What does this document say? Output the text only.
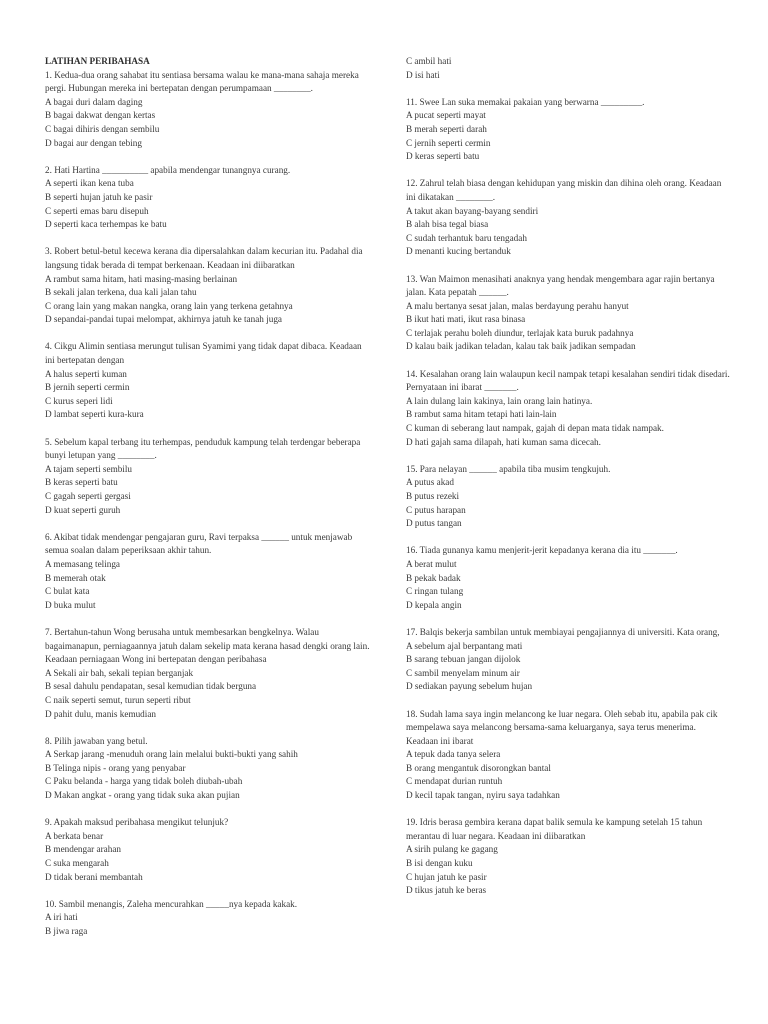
LATIHAN PERIBAHASA
1. Kedua-dua orang sahabat itu sentiasa bersama walau ke mana-mana sahaja mereka pergi. Hubungan mereka ini bertepatan dengan perumpamaan ________.
A bagai duri dalam daging
B bagai dakwat dengan kertas
C bagai dihiris dengan sembilu
D bagai aur dengan tebing
2. Hati Hartina __________ apabila mendengar tunangnya curang.
A seperti ikan kena tuba
B seperti hujan jatuh ke pasir
C seperti emas baru disepuh
D seperti kaca terhempas ke batu
3. Robert betul-betul kecewa kerana dia dipersalahkan dalam kecurian itu. Padahal dia langsung tidak berada di tempat berkenaan. Keadaan ini diibaratkan
A rambut sama hitam, hati masing-masing berlainan
B sekali jalan terkena, dua kali jalan tahu
C orang lain yang makan nangka, orang lain yang terkena getahnya
D sepandai-pandai tupai melompat, akhirnya jatuh ke tanah juga
4. Cikgu Alimin sentiasa merungut tulisan Syamimi yang tidak dapat dibaca. Keadaan ini bertepatan dengan
A halus seperti kuman
B jernih seperti cermin
C kurus seperi lidi
D lambat seperti kura-kura
5. Sebelum kapal terbang itu terhempas, penduduk kampung telah terdengar beberapa bunyi letupan yang ________.
A tajam seperti sembilu
B keras seperti batu
C gagah seperti gergasi
D kuat seperti guruh
6. Akibat tidak mendengar pengajaran guru, Ravi terpaksa ______ untuk menjawab semua soalan dalam peperiksaan akhir tahun.
A memasang telinga
B memerah otak
C bulat kata
D buka mulut
7. Bertahun-tahun Wong berusaha untuk membesarkan bengkelnya. Walau bagaimanapun, perniagaannya jatuh dalam sekelip mata kerana hasad dengki orang lain. Keadaan perniagaan Wong ini bertepatan dengan peribahasa
A Sekali air bah, sekali tepian berganjak
B sesal dahulu pendapatan, sesal kemudian tidak berguna
C naik seperti semut, turun seperti ribut
D pahit dulu, manis kemudian
8. Pilih jawaban yang betul.
A Serkap jarang -menuduh orang lain melalui bukti-bukti yang sahih
B Telinga nipis - orang yang penyabar
C Paku belanda - harga yang tidak boleh diubah-ubah
D Makan angkat - orang yang tidak suka akan pujian
9. Apakah maksud peribahasa mengikut telunjuk?
A berkata benar
B mendengar arahan
C suka mengarah
D tidak berani membantah
10. Sambil menangis, Zaleha mencurahkan _____nya kepada kakak.
A iri hati
B jiwa raga
C ambil hati
D isi hati
11. Swee Lan suka memakai pakaian yang berwarna _________.
A pucat seperti mayat
B merah seperti darah
C jernih seperti cermin
D keras seperti batu
12. Zahrul telah biasa dengan kehidupan yang miskin dan dihina oleh orang. Keadaan ini dikatakan ________.
A takut akan bayang-bayang sendiri
B alah bisa tegal biasa
C sudah terhantuk baru tengadah
D menanti kucing bertanduk
13. Wan Maimon menasihati anaknya yang hendak mengembara agar rajin bertanya jalan. Kata pepatah ______.
A malu bertanya sesat jalan, malas berdayung perahu hanyut
B ikut hati mati, ikut rasa binasa
C terlajak perahu boleh diundur, terlajak kata buruk padahnya
D kalau baik jadikan teladan, kalau tak baik jadikan sempadan
14. Kesalahan orang lain walaupun kecil nampak tetapi kesalahan sendiri tidak disedari. Pernyataan ini ibarat _______.
A lain dulang lain kakinya, lain orang lain hatinya.
B rambut sama hitam tetapi hati lain-lain
C kuman di seberang laut nampak, gajah di depan mata tidak nampak.
D hati gajah sama dilapah, hati kuman sama dicecah.
15. Para nelayan ______ apabila tiba musim tengkujuh.
A putus akad
B putus rezeki
C putus harapan
D putus tangan
16. Tiada gunanya kamu menjerit-jerit kepadanya kerana dia itu _______.
A berat mulut
B pekak badak
C ringan tulang
D kepala angin
17. Balqis bekerja sambilan untuk membiayai pengajiannya di universiti. Kata orang,
A sebelum ajal berpantang mati
B sarang tebuan jangan dijolok
C sambil menyelam minum air
D sediakan payung sebelum hujan
18. Sudah lama saya ingin melancong ke luar negara. Oleh sebab itu, apabila pak cik mempelawa saya melancong bersama-sama keluarganya, saya terus menerima. Keadaan ini ibarat
A tepuk dada tanya selera
B orang mengantuk disorongkan bantal
C mendapat durian runtuh
D kecil tapak tangan, nyiru saya tadahkan
19. Idris berasa gembira kerana dapat balik semula ke kampung setelah 15 tahun merantau di luar negara. Keadaan ini diibaratkan
A sirih pulang ke gagang
B isi dengan kuku
C hujan jatuh ke pasir
D tikus jatuh ke beras
